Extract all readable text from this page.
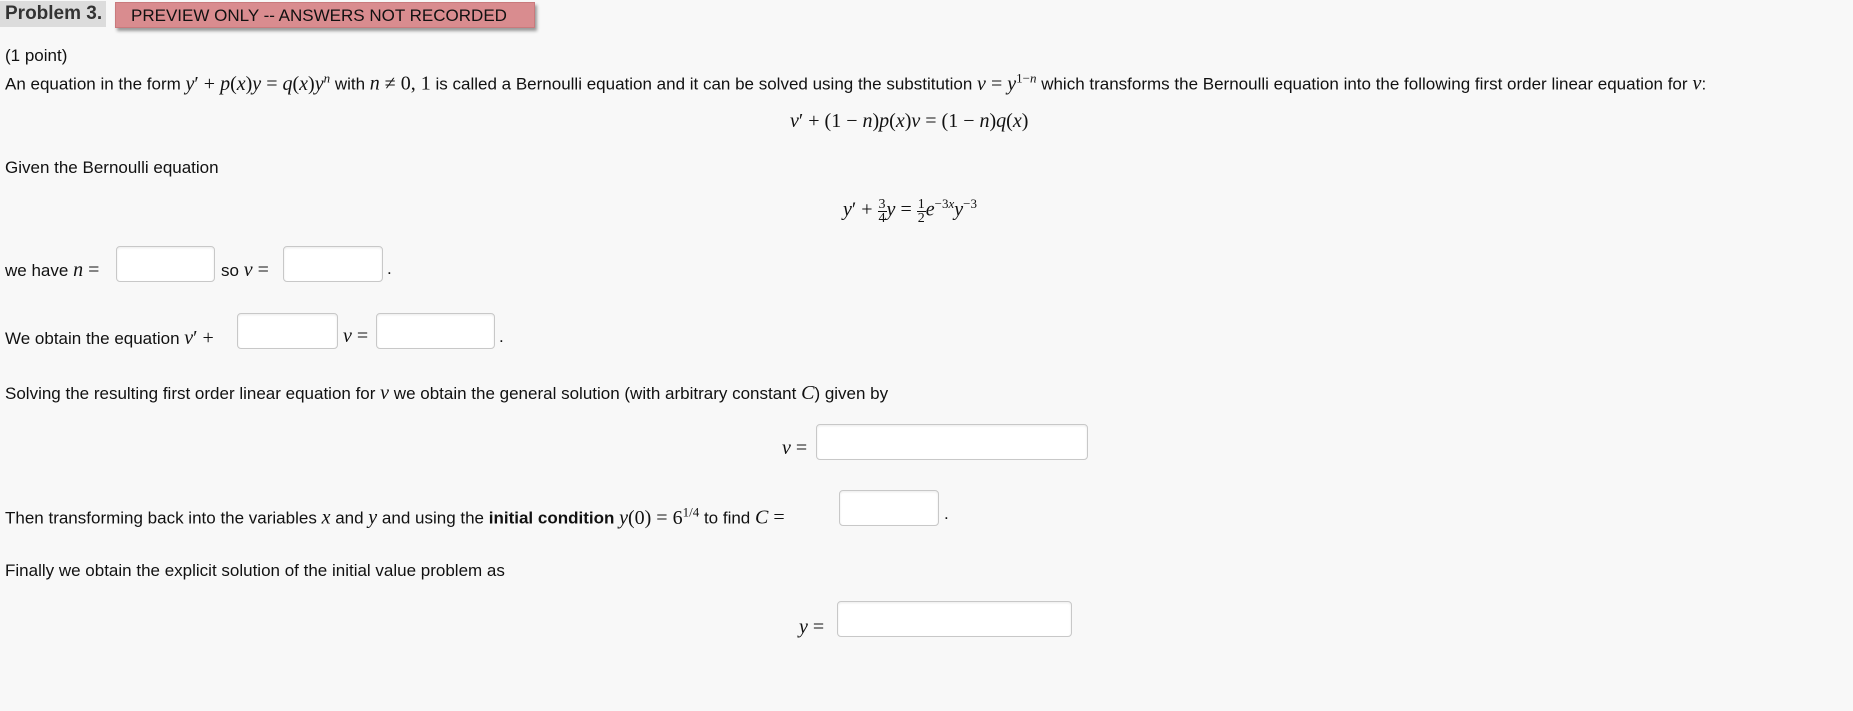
Problem 3.	PREVIEW ONLY -- ANSWERS NOT RECORDED
(1 point)
An equation in the form $y' + p(x)y = q(x)y^n$ with n ≠ 0, 1 is called a Bernoulli equation and it can be solved using the substitution $v = y^{1-n}$ which transforms the Bernoulli equation into the following first order linear equation for v:
v′ + (1 − n)p(x)v = (1 − n)q(x)
Given the Bernoulli equation
$y' + \frac{3}{4}$ $y = \frac{1}{2} e^{-3x}y^{-3}$
we have n =	so v =	.
We obtain the equation v′ +	v =	.
Solving the resulting first order linear equation for v we obtain the general solution (with arbitrary constant C) given by
v =
Then transforming back into the variables x and y and using the initial condition $y(0) = 6^{1/4}$ to find C =	.
Finally we obtain the explicit solution of the initial value problem as
y =
